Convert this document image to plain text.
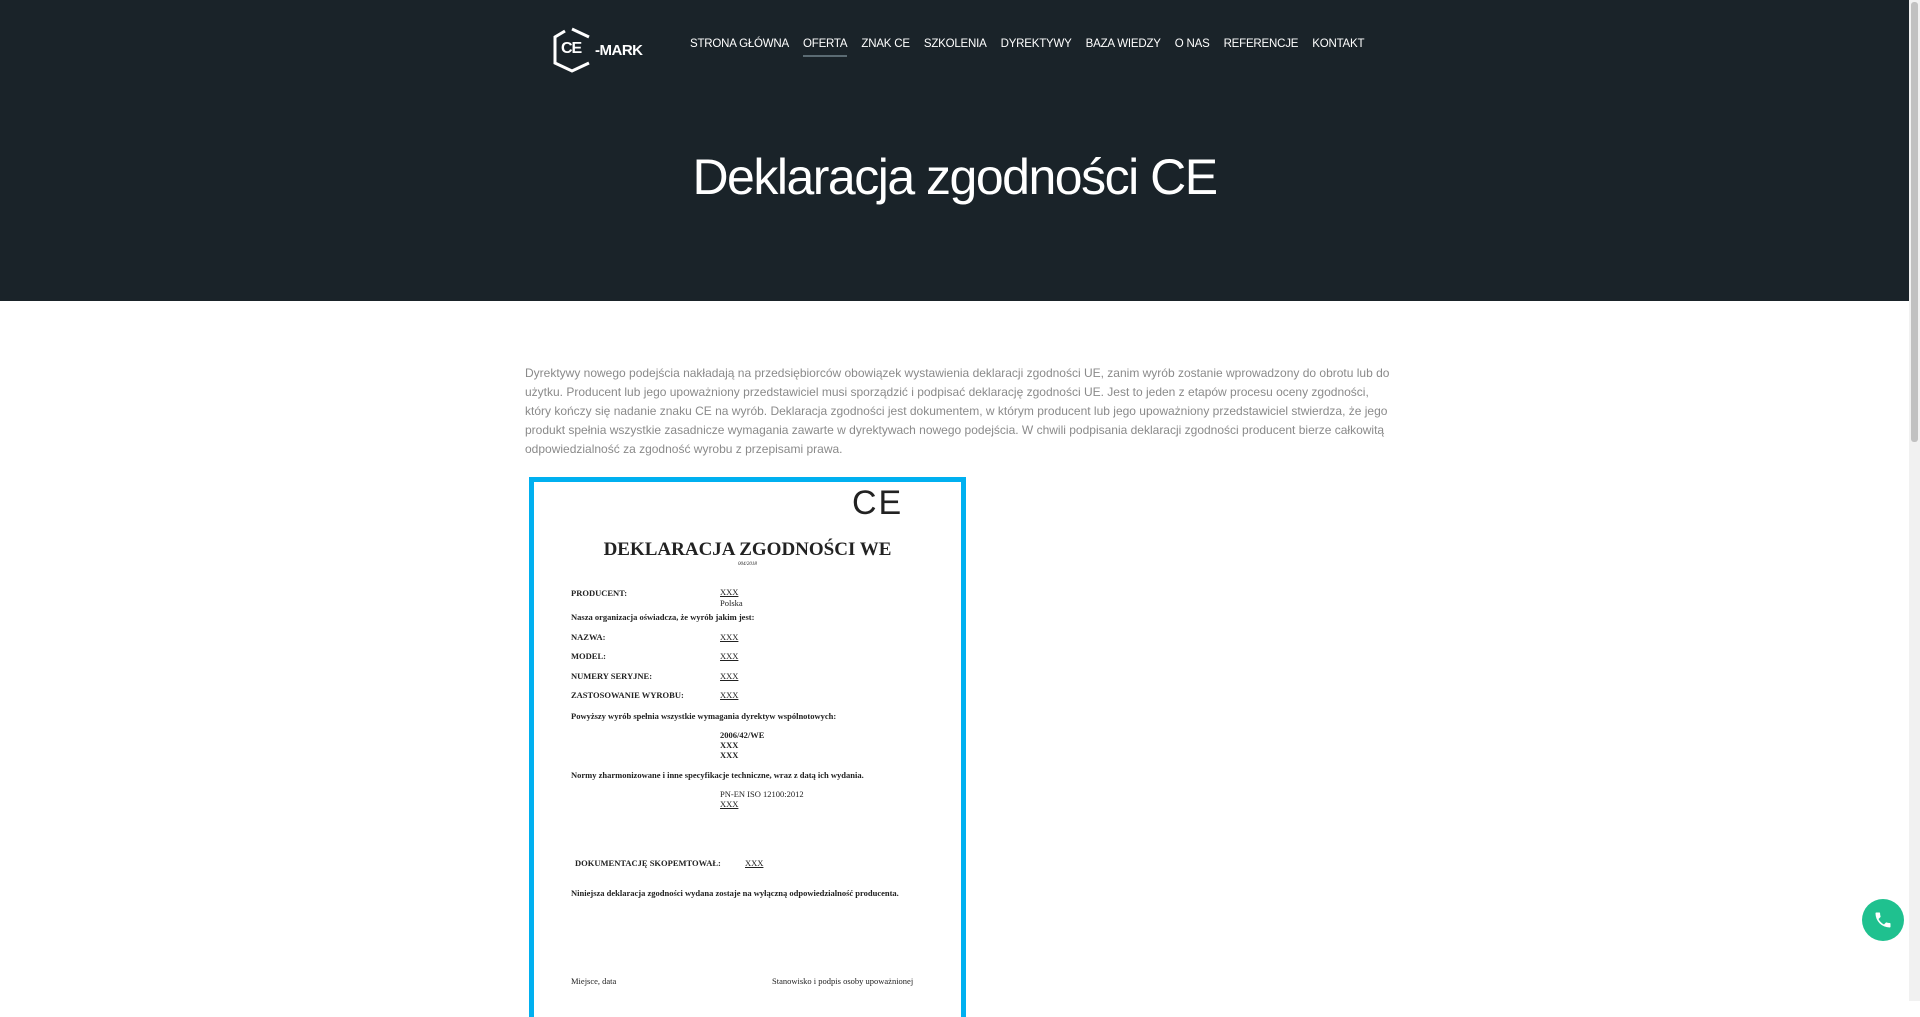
CE -MARK	STRONA GŁÓWNA OFERTA ZNAK CE SZKOLENIA DYREKTYWY BAZA WIEDZY O NAS REFERENCJE KONTAKT
Deklaracja zgodności CE

Dyrektywy nowego podejścia nakładają na przedsiębiorców obowiązek wystawienia deklaracji zgodności UE, zanim wyrób zostanie wprowadzony do obrotu lub do użytku. Producent lub jego upoważniony przedstawiciel musi sporządzić i podpisać deklarację zgodności UE. Jest to jeden z etapów procesu oceny zgodności, który kończy się nadanie znaku CE na wyrób. Deklaracja zgodności jest dokumentem, w którym producent lub jego upoważniony przedstawiciel stwierdza, że jego produkt spełnia wszystkie zasadnicze wymagania zawarte w dyrektywach nowego podejścia. W chwili podpisania deklaracji zgodności producent bierze całkowitą odpowiedzialność za zgodność wyrobu z przepisami prawa.

CE
DEKLARACJA ZGODNOŚCI WE
004/2018
PRODUCENT:	XXX
Polska
Nasza organizacja oświadcza, że wyrób jakim jest:
NAZWA:	XXX
MODEL:	XXX
NUMERY SERYJNE:	XXX
ZASTOSOWANIE WYROBU:	XXX
Powyższy wyrób spełnia wszystkie wymagania dyrektyw wspólnotowych:
2006/42/WE
XXX
XXX
Normy zharmonizowane i inne specyfikacje techniczne, wraz z datą ich wydania.
PN-EN ISO 12100:2012
XXX
DOKUMENTACJĘ SKOPEMTOWAŁ:	XXX
Niniejsza deklaracja zgodności wydana zostaje na wyłączną odpowiedzialność producenta.
Miejsce, data	Stanowisko i podpis osoby upoważnionej
